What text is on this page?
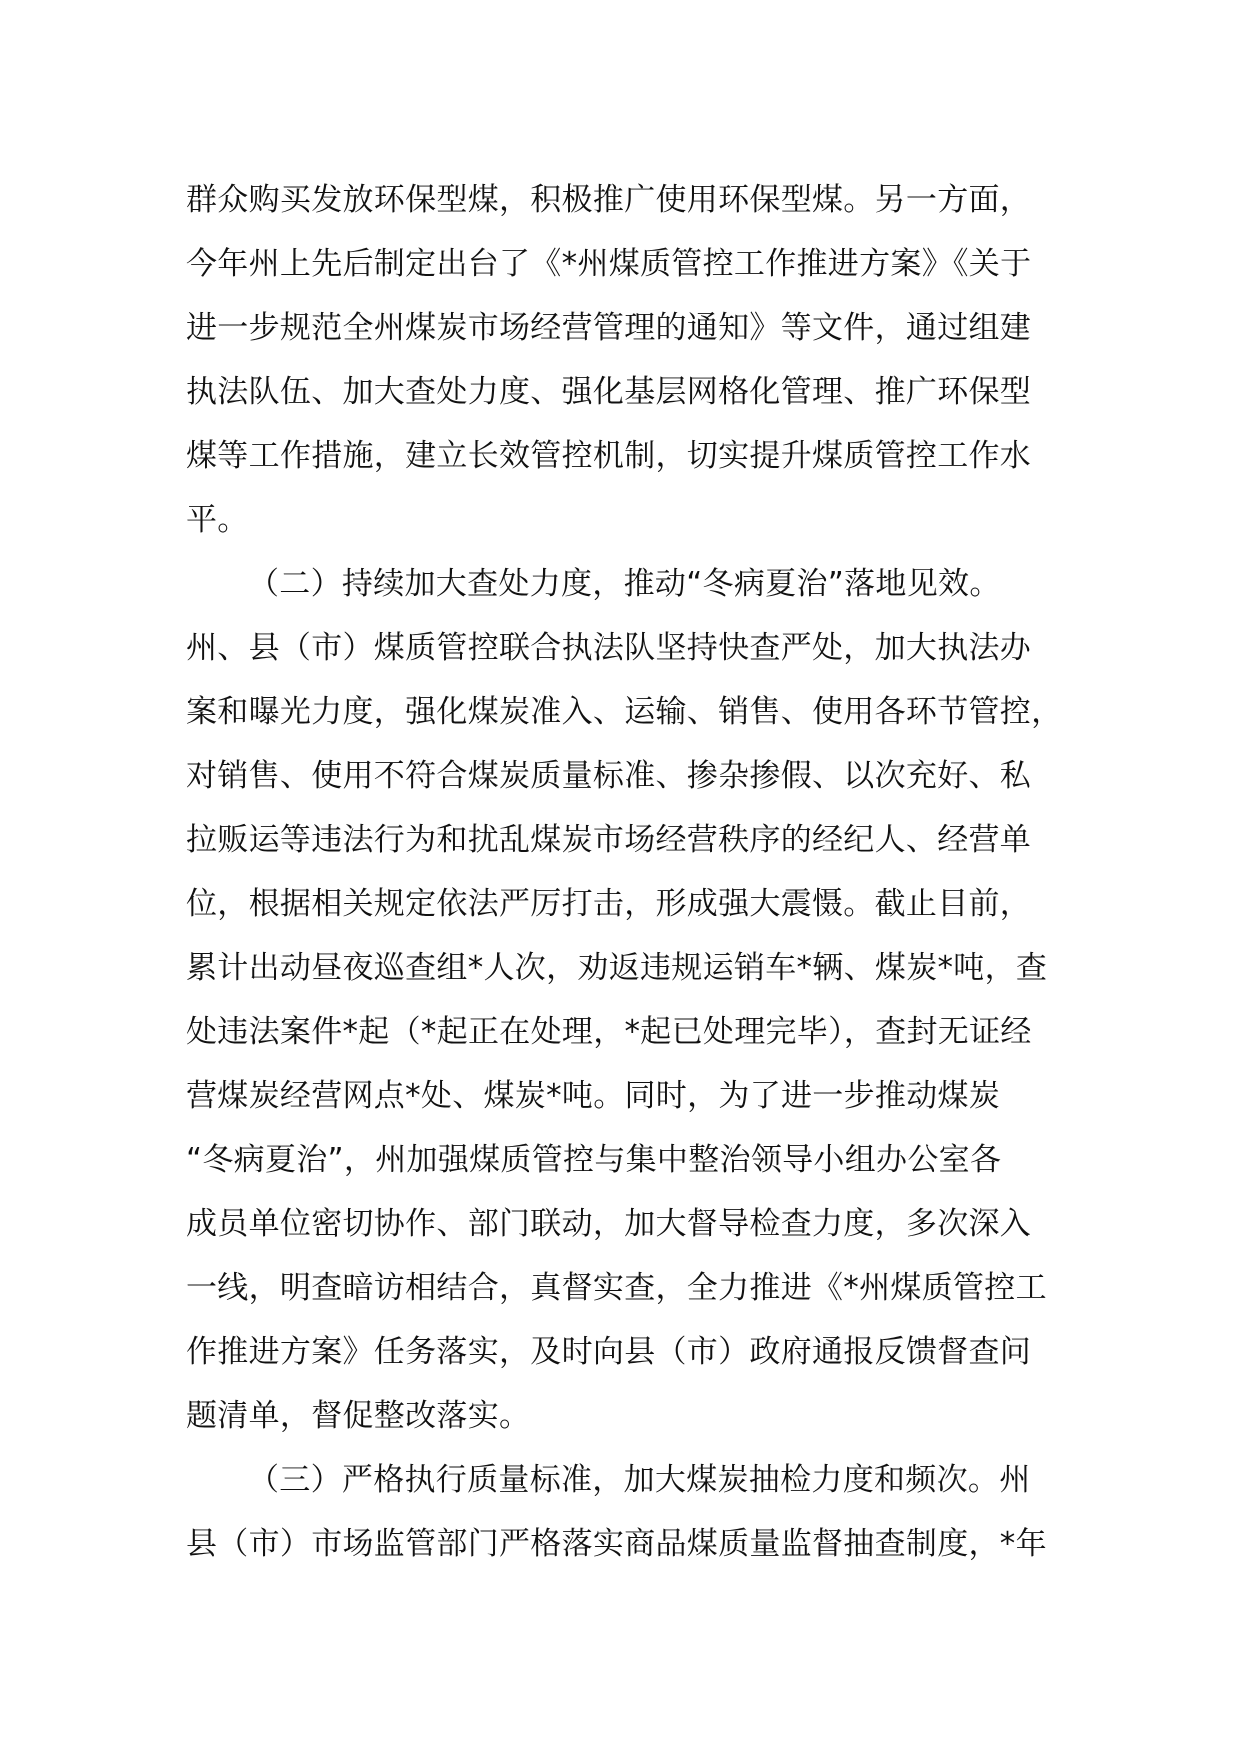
群众购买发放环保型煤，积极推广使用环保型煤。另一方面，
今年州上先后制定出台了《*州煤质管控工作推进方案》《关于
进一步规范全州煤炭市场经营管理的通知》等文件，通过组建
执法队伍、加大查处力度、强化基层网格化管理、推广环保型
煤等工作措施，建立长效管控机制，切实提升煤质管控工作水
平。
（二）持续加大查处力度，推动“冬病夏治”落地见效。
州、县（市）煤质管控联合执法队坚持快查严处，加大执法办
案和曝光力度，强化煤炭准入、运输、销售、使用各环节管控，
对销售、使用不符合煤炭质量标准、掺杂掺假、以次充好、私
拉贩运等违法行为和扰乱煤炭市场经营秩序的经纪人、经营单
位，根据相关规定依法严厉打击，形成强大震慑。截止目前，
累计出动昼夜巡查组*人次，劝返违规运销车*辆、煤炭*吨，查
处违法案件*起（*起正在处理，*起已处理完毕），查封无证经
营煤炭经营网点*处、煤炭*吨。同时，为了进一步推动煤炭
“冬病夏治”，州加强煤质管控与集中整治领导小组办公室各
成员单位密切协作、部门联动，加大督导检查力度，多次深入
一线，明查暗访相结合，真督实查，全力推进《*州煤质管控工
作推进方案》任务落实，及时向县（市）政府通报反馈督查问
题清单，督促整改落实。
（三）严格执行质量标准，加大煤炭抽检力度和频次。州
县（市）市场监管部门严格落实商品煤质量监督抽查制度，*年
